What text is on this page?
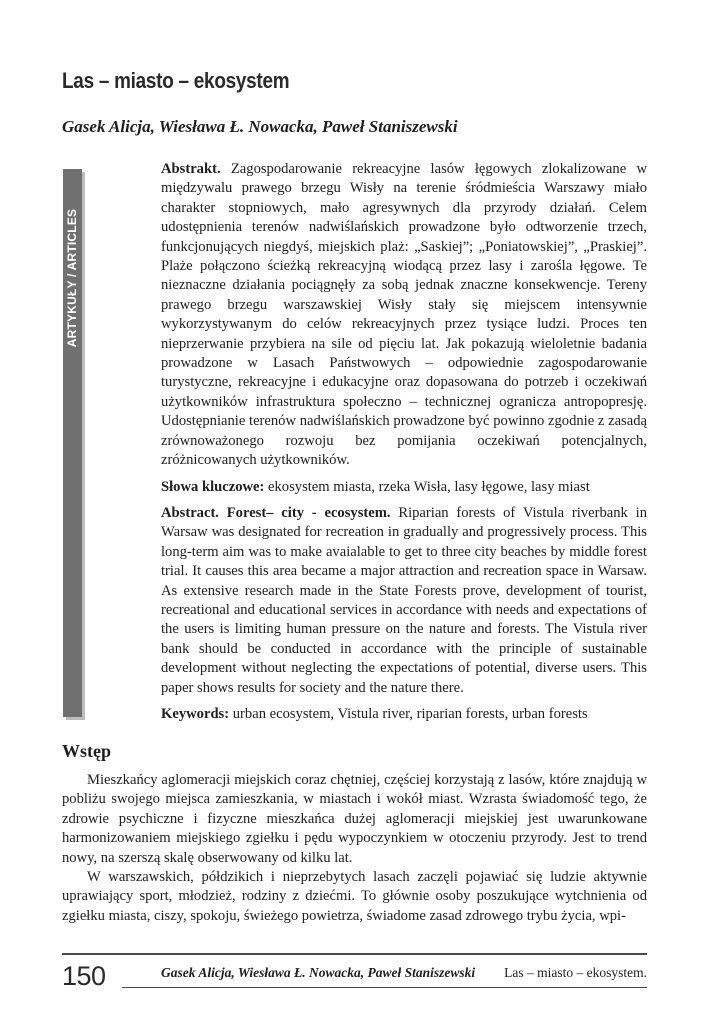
Las – miasto – ekosystem

Gasek Alicja, Wiesława Ł. Nowacka, Paweł Staniszewski

ARTYKUŁY / ARTICLES

Abstrakt. Zagospodarowanie rekreacyjne lasów łęgowych zlokalizowane w międzywalu prawego brzegu Wisły na terenie śródmieścia Warszawy miało charakter stopniowych, mało agresywnych dla przyrody działań. Celem udostępnienia terenów nadwiślańskich prowadzone było odtworzenie trzech, funkcjonujących niegdyś, miejskich plaż: „Saskiej”; „Poniatowskiej”, „Praskiej”. Plaże połączono ścieżką rekreacyjną wiodącą przez lasy i zarośla łęgowe. Te nieznaczne działania pociągnęły za sobą jednak znaczne konsekwencje. Tereny prawego brzegu warszawskiej Wisły stały się miejscem intensywnie wykorzystywanym do celów rekreacyjnych przez tysiące ludzi. Proces ten nieprzerwanie przybiera na sile od pięciu lat. Jak pokazują wieloletnie badania prowadzone w Lasach Państwowych – odpowiednie zagospodarowanie turystyczne, rekreacyjne i edukacyjne oraz dopasowana do potrzeb i oczekiwań użytkowników infrastruktura społeczno – technicznej ogranicza antropopresję. Udostępnianie terenów nadwiślańskich prowadzone być powinno zgodnie z zasadą zrównoważonego rozwoju bez pomijania oczekiwań potencjalnych, zróżnicowanych użytkowników.

Słowa kluczowe: ekosystem miasta, rzeka Wisła, lasy łęgowe, lasy miast

Abstract. Forest– city - ecosystem. Riparian forests of Vistula riverbank in Warsaw was designated for recreation in gradually and progressively process. This long-term aim was to make avaialable to get to three city beaches by middle forest trial. It causes this area became a major attraction and recreation space in Warsaw. As extensive research made in the State Forests prove, development of tourist, recreational and educational services in accordance with needs and expectations of the users is limiting human pressure on the nature and forests. The Vistula river bank should be conducted in accordance with the principle of sustainable development without neglecting the expectations of potential, diverse users. This paper shows results for society and the nature there.

Keywords: urban ecosystem, Vistula river, riparian forests, urban forests

Wstęp

Mieszkańcy aglomeracji miejskich coraz chętniej, częściej korzystają z lasów, które znajdują w pobliżu swojego miejsca zamieszkania, w miastach i wokół miast. Wzrasta świadomość tego, że zdrowie psychiczne i fizyczne mieszkańca dużej aglomeracji miejskiej jest uwarunkowane harmonizowaniem miejskiego zgiełku i pędu wypoczynkiem w otoczeniu przyrody. Jest to trend nowy, na szerszą skalę obserwowany od kilku lat.

W warszawskich, półdzikich i nieprzebytych lasach zaczęli pojawiać się ludzie aktywnie uprawiający sport, młodzież, rodziny z dziećmi. To głównie osoby poszukujące wytchnienia od zgiełku miasta, ciszy, spokoju, świeżego powietrza, świadome zasad zdrowego trybu życia, wpi-

150	Gasek Alicja, Wiesława Ł. Nowacka, Paweł Staniszewski Las – miasto – ekosystem.
